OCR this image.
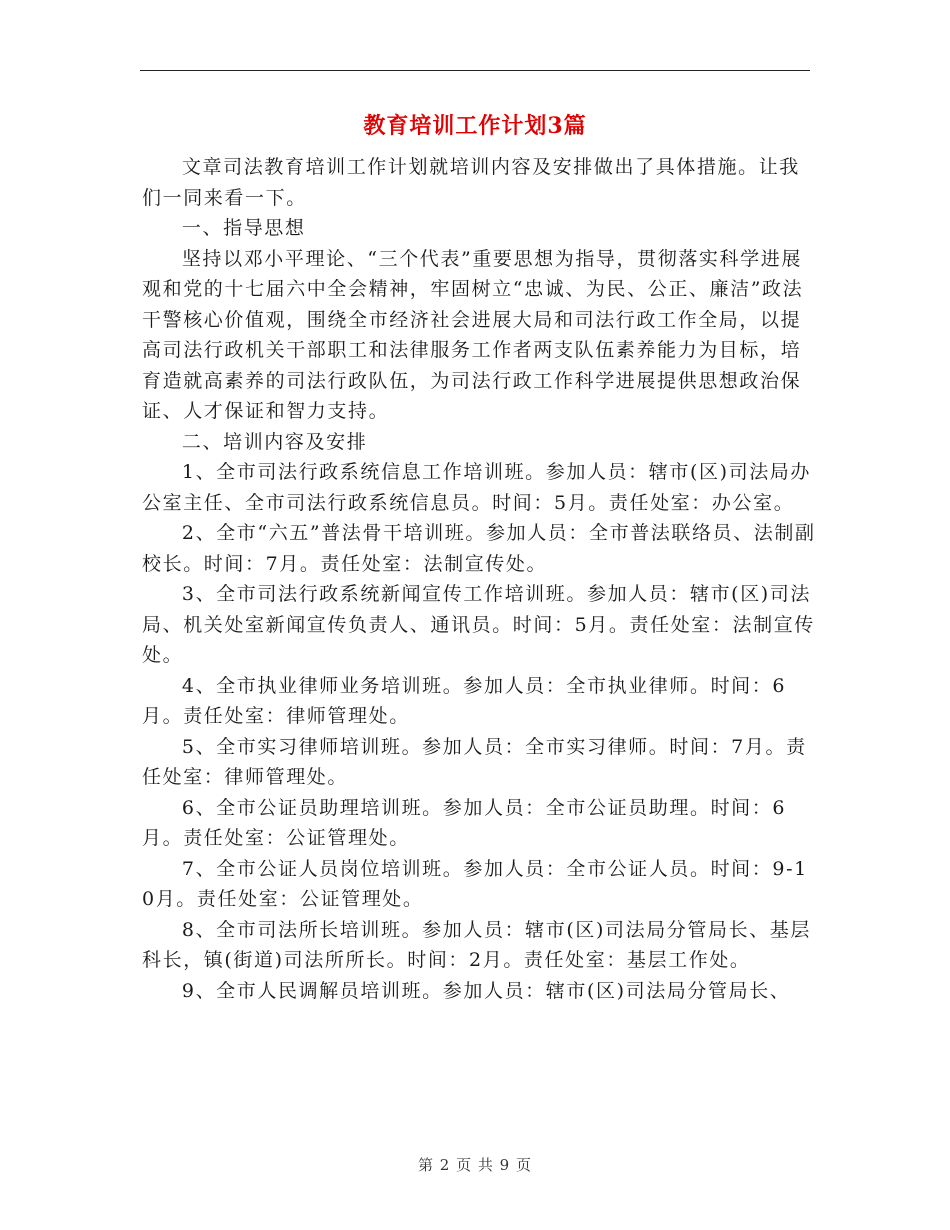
教育培训工作计划3篇

文章司法教育培训工作计划就培训内容及安排做出了具体措施。让我们一同来看一下。

一、指导思想

坚持以邓小平理论、“三个代表”重要思想为指导，贯彻落实科学进展观和党的十七届六中全会精神，牢固树立“忠诚、为民、公正、廉洁”政法干警核心价值观，围绕全市经济社会进展大局和司法行政工作全局，以提高司法行政机关干部职工和法律服务工作者两支队伍素养能力为目标，培育造就高素养的司法行政队伍，为司法行政工作科学进展提供思想政治保证、人才保证和智力支持。

二、培训内容及安排

1、全市司法行政系统信息工作培训班。参加人员：辖市(区)司法局办公室主任、全市司法行政系统信息员。时间：5月。责任处室：办公室。

2、全市“六五”普法骨干培训班。参加人员：全市普法联络员、法制副校长。时间：7月。责任处室：法制宣传处。

3、全市司法行政系统新闻宣传工作培训班。参加人员：辖市(区)司法局、机关处室新闻宣传负责人、通讯员。时间：5月。责任处室：法制宣传处。

4、全市执业律师业务培训班。参加人员：全市执业律师。时间：6月。责任处室：律师管理处。

5、全市实习律师培训班。参加人员：全市实习律师。时间：7月。责任处室：律师管理处。

6、全市公证员助理培训班。参加人员：全市公证员助理。时间：6月。责任处室：公证管理处。

7、全市公证人员岗位培训班。参加人员：全市公证人员。时间：9-10月。责任处室：公证管理处。

8、全市司法所长培训班。参加人员：辖市(区)司法局分管局长、基层科长，镇(街道)司法所所长。时间：2月。责任处室：基层工作处。

9、全市人民调解员培训班。参加人员：辖市(区)司法局分管局长、

第 2 页 共 9 页
